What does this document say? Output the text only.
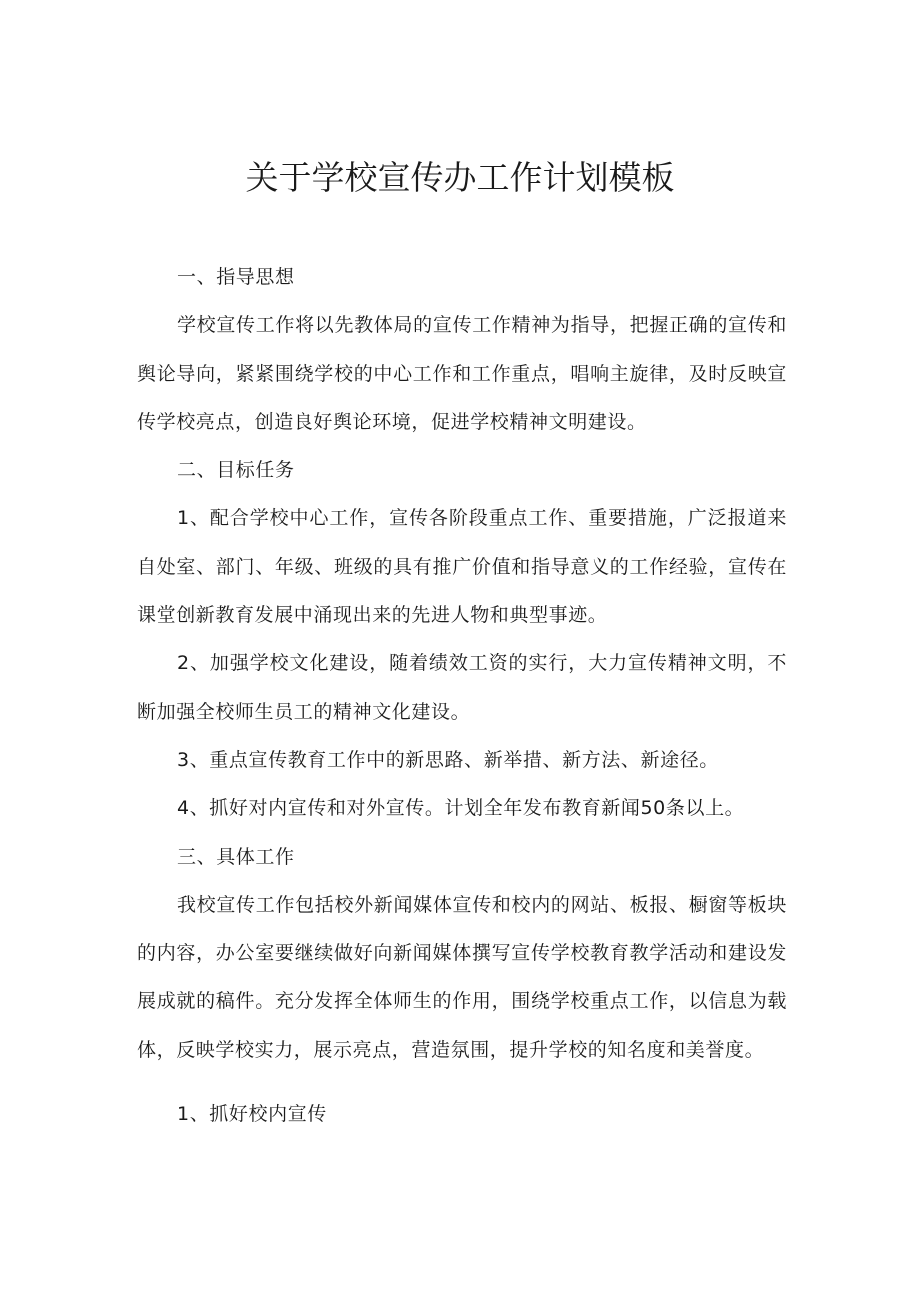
关于学校宣传办工作计划模板

一、指导思想

学校宣传工作将以先教体局的宣传工作精神为指导，把握正确的宣传和舆论导向，紧紧围绕学校的中心工作和工作重点，唱响主旋律，及时反映宣传学校亮点，创造良好舆论环境，促进学校精神文明建设。

二、目标任务

1、配合学校中心工作，宣传各阶段重点工作、重要措施，广泛报道来自处室、部门、年级、班级的具有推广价值和指导意义的工作经验，宣传在课堂创新教育发展中涌现出来的先进人物和典型事迹。

2、加强学校文化建设，随着绩效工资的实行，大力宣传精神文明，不断加强全校师生员工的精神文化建设。

3、重点宣传教育工作中的新思路、新举措、新方法、新途径。

4、抓好对内宣传和对外宣传。计划全年发布教育新闻50条以上。

三、具体工作

我校宣传工作包括校外新闻媒体宣传和校内的网站、板报、橱窗等板块的内容，办公室要继续做好向新闻媒体撰写宣传学校教育教学活动和建设发展成就的稿件。充分发挥全体师生的作用，围绕学校重点工作，以信息为载体，反映学校实力，展示亮点，营造氛围，提升学校的知名度和美誉度。

1、抓好校内宣传
